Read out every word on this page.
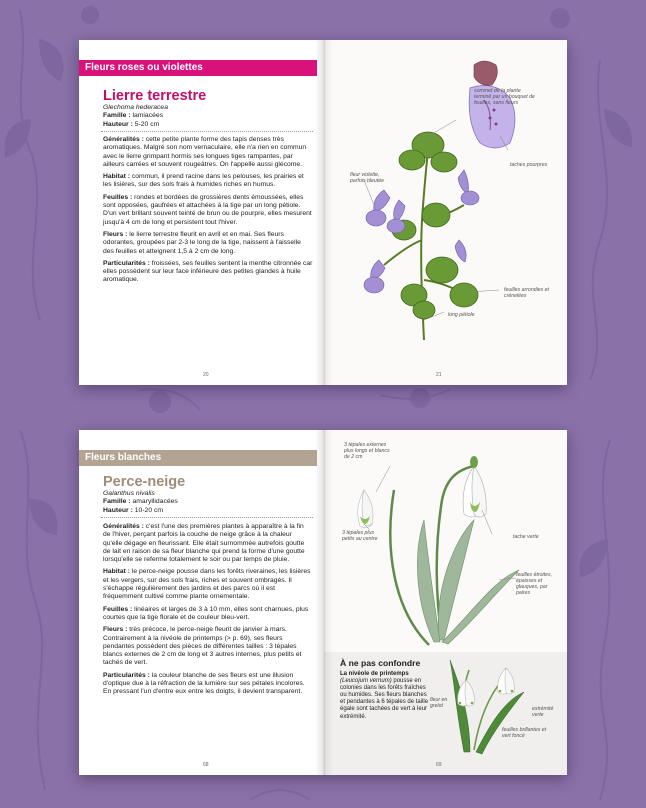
Fleurs roses ou violettes
Lierre terrestre
Glechoma hederacea
Famille : lamiacées
Hauteur : 5-20 cm

Généralités : cette petite plante forme des tapis denses très aromatiques. Malgré son nom vernaculaire, elle n'a rien en commun avec le lierre grimpant hormis ses longues tiges rampantes, par ailleurs carrées et souvent rougeâtres. On l'appelle aussi glécome.

Habitat : commun, il prend racine dans les pelouses, les prairies et les lisières, sur des sols frais à humides riches en humus.

Feuilles : rondes et bordées de grossières dents émoussées, elles sont opposées, gaufrées et attachées à la tige par un long pétiole. D'un vert brillant souvent teinté de brun ou de pourpre, elles mesurent jusqu'à 4 cm de long et persistent tout l'hiver.

Fleurs : le lierre terrestre fleurit en avril et en mai. Ses fleurs odorantes, groupées par 2-3 le long de la tige, naissent à l'aisselle des feuilles et atteignent 1,5 à 2 cm de long.

Particularités : froissées, ses feuilles sentent la menthe citronnée car elles possèdent sur leur face inférieure des petites glandes à huile aromatique.

20
sommet de la plante terminé par un bouquet de feuilles, sans fleurs
fleur violette, parfois bleutée
taches pourpres
feuilles arrondies et crénelées
long pétiole
21
Fleurs blanches
Perce-neige
Galanthus nivalis
Famille : amaryllidacées
Hauteur : 10-20 cm

Généralités : c'est l'une des premières plantes à apparaître à la fin de l'hiver, perçant parfois la couche de neige grâce à la chaleur qu'elle dégage en fleurissant. Elle était surnommée autrefois goutte de lait en raison de sa fleur blanche qui prend la forme d'une goutte lorsqu'elle se referme totalement le soir ou par temps de pluie.

Habitat : le perce-neige pousse dans les forêts riveraines, les lisières et les vergers, sur des sols frais, riches et souvent ombragés. Il s'échappe régulièrement des jardins et des parcs où il est fréquemment cultivé comme plante ornementale.

Feuilles : linéaires et larges de 3 à 10 mm, elles sont charnues, plus courtes que la tige florale et de couleur bleu-vert.

Fleurs : très précoce, le perce-neige fleurit de janvier à mars. Contrairement à la nivéole de printemps (> p. 69), ses fleurs pendantes possèdent des pièces de différentes tailles : 3 tépales blancs externes de 2 cm de long et 3 autres internes, plus petits et tachés de vert.

Particularités : la couleur blanche de ses fleurs est une illusion d'optique due à la réfraction de la lumière sur ses pétales incolores. En pressant l'un d'entre eux entre les doigts, il devient transparent.

68
3 tépales externes plus longs et blancs de 2 cm
3 tépales plus petits au centre	tache verte
feuilles étroites, épaisses et glauques, par paires
À ne pas confondre
La nivéole de printemps (Leucojum vernum) pousse en colonies dans les forêts fraîches ou humides. Ses fleurs blanches et pendantes à 6 tépales de taille égale sont tachées de vert à leur extrémité.
fleur en grelot	extrémité verte
feuilles brillantes et vert foncé
69
